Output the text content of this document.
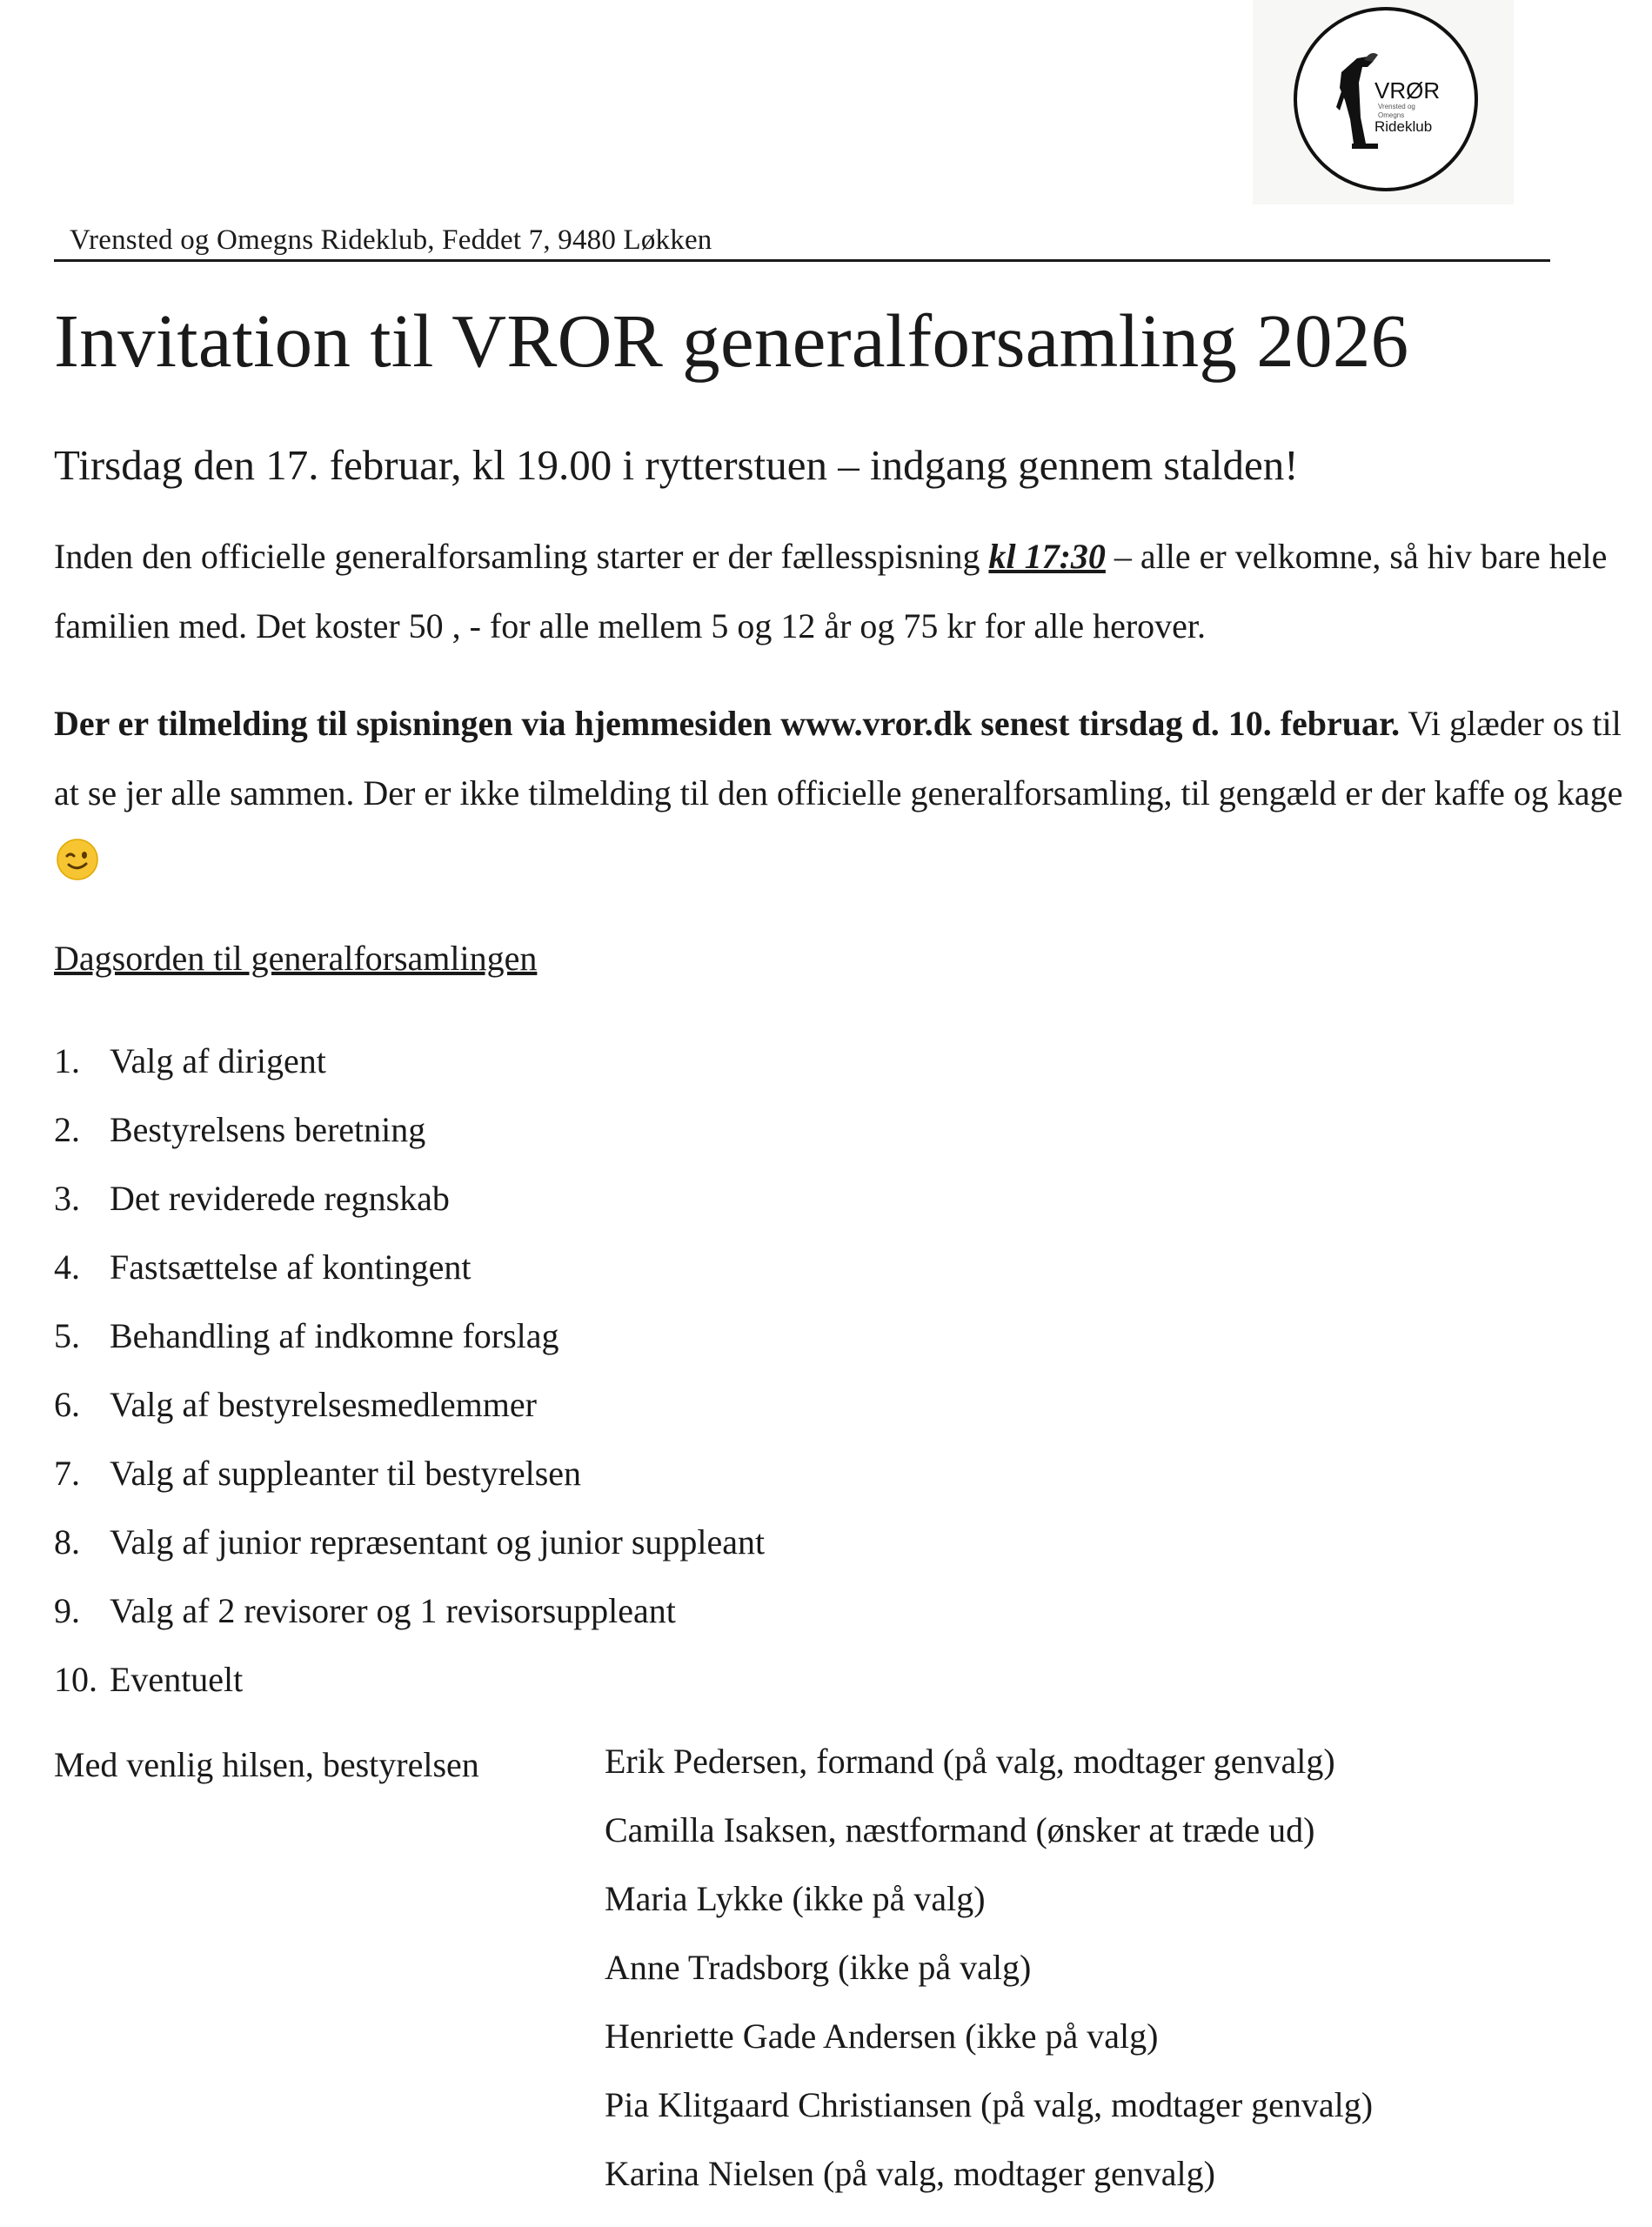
VRØR
Vrensted og
Omegns
Rideklub
Vrensted og Omegns Rideklub, Feddet 7, 9480 Løkken
Invitation til VROR generalforsamling 2026

Tirsdag den 17. februar, kl 19.00 i rytterstuen – indgang gennem stalden!

Inden den officielle generalforsamling starter er der fællesspisning kl 17:30 – alle er velkomne, så hiv bare hele familien med. Det koster 50 , - for alle mellem 5 og 12 år og 75 kr for alle herover.

Der er tilmelding til spisningen via hjemmesiden www.vror.dk senest tirsdag d. 10. februar. Vi glæder os til at se jer alle sammen. Der er ikke tilmelding til den officielle generalforsamling, til gengæld er der kaffe og kage

Dagsorden til generalforsamlingen
1. Valg af dirigent
2. Bestyrelsens beretning
3. Det reviderede regnskab
4. Fastsættelse af kontingent
5. Behandling af indkomne forslag
6. Valg af bestyrelsesmedlemmer
7. Valg af suppleanter til bestyrelsen
8. Valg af junior repræsentant og junior suppleant
9. Valg af 2 revisorer og 1 revisorsuppleant
10. Eventuelt
Med venlig hilsen, bestyrelsen	Erik Pedersen, formand (på valg, modtager genvalg)
Camilla Isaksen, næstformand (ønsker at træde ud)
Maria Lykke (ikke på valg)
Anne Tradsborg (ikke på valg)
Henriette Gade Andersen (ikke på valg)
Pia Klitgaard Christiansen (på valg, modtager genvalg)
Karina Nielsen (på valg, modtager genvalg)
